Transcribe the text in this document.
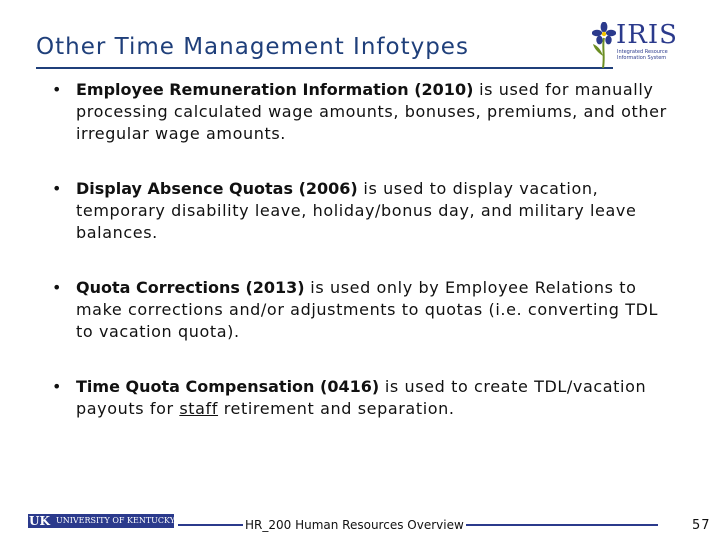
Other Time Management Infotypes	IRIS
Integrated Resource Information System
• Employee Remuneration Information (2010) is used for manually processing calculated wage amounts, bonuses, premiums, and other irregular wage amounts.
• Display Absence Quotas (2006) is used to display vacation, temporary disability leave, holiday/bonus day, and military leave balances.
• Quota Corrections (2013) is used only by Employee Relations to make corrections and/or adjustments to quotas (i.e. converting TDL to vacation quota).
• Time Quota Compensation (0416) is used to create TDL/vacation payouts for staff retirement and separation.
UK UNIVERSITY OF KENTUCKY	HR_200 Human Resources Overview	57
